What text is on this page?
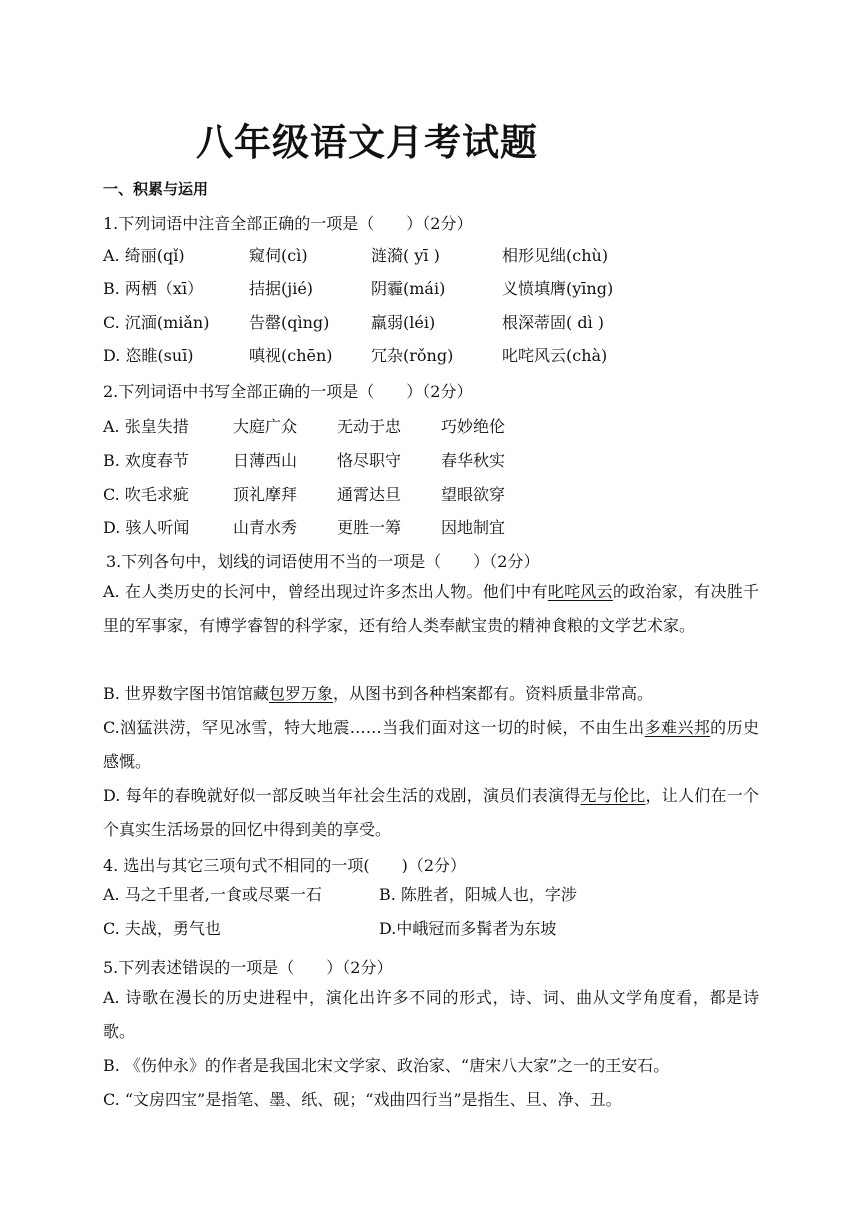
八年级语文月考试题
一、积累与运用
1.下列词语中注音全部正确的一项是（　　）（2分）
A. 绮丽(qǐ)	窥伺(cì)	涟漪( yī )	相形见绌(chù)
B. 两栖（xī）	拮据(jié)	阴霾(mái)	义愤填膺(yīng)
C. 沉湎(miǎn) 告罄(qìng)	羸弱(léi)	根深蒂固( dì )
D. 恣睢(suī)	嗔视(chēn) 冗杂(rǒng)	叱咤风云(chà)
2.下列词语中书写全部正确的一项是（　　）（2分）
A. 张皇失措	大庭广众 无动于忠 巧妙绝伦
B. 欢度春节	日薄西山 恪尽职守 春华秋实
C. 吹毛求疵	顶礼摩拜 通霄达旦 望眼欲穿
D. 骇人听闻	山青水秀 更胜一筹 因地制宜
3.下列各句中，划线的词语使用不当的一项是（　　）（2分）
A. 在人类历史的长河中，曾经出现过许多杰出人物。他们中有叱咤风云的政治家，有决胜千里的军事家，有博学睿智的科学家，还有给人类奉献宝贵的精神食粮的文学艺术家。
B. 世界数字图书馆馆藏包罗万象，从图书到各种档案都有。资料质量非常高。
C.汹猛洪涝，罕见冰雪，特大地震……当我们面对这一切的时候，不由生出多难兴邦的历史感慨。
D. 每年的春晚就好似一部反映当年社会生活的戏剧，演员们表演得无与伦比，让人们在一个个真实生活场景的回忆中得到美的享受。
4. 选出与其它三项句式不相同的一项(　　)（2分）
A. 马之千里者,一食或尽粟一石	B. 陈胜者，阳城人也，字涉
C. 夫战，勇气也	D.中峨冠而多髯者为东坡
5.下列表述错误的一项是（　　）（2分）
A. 诗歌在漫长的历史进程中，演化出许多不同的形式，诗、词、曲从文学角度看，都是诗歌。
B. 《伤仲永》的作者是我国北宋文学家、政治家、“唐宋八大家”之一的王安石。
C. “文房四宝”是指笔、墨、纸、砚；“戏曲四行当”是指生、旦、净、丑。
